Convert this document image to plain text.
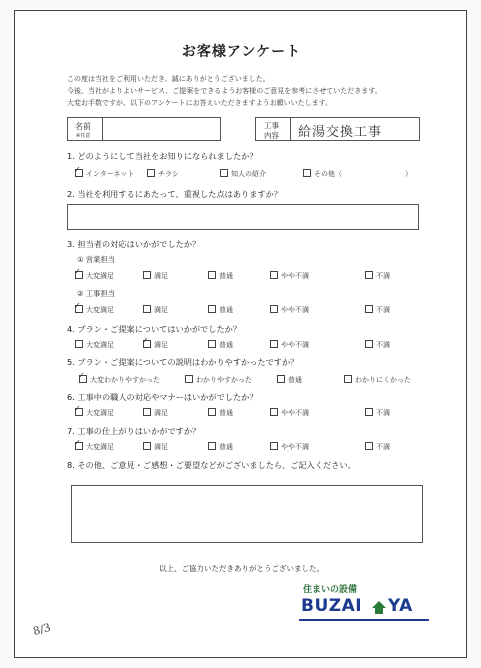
お客様アンケート
この度は当社をご利用いただき、誠にありがとうございました。
今後、当社がよりよいサービス、ご提案をできるようお客様のご意見を参考にさせていただきます。
大変お手数ですが、以下のアンケートにお答えいただきますようお願いいたします。
名前
※任意
工事
内容 給湯交換工事
1. どのようにして当社をお知りになられましたか？
インターネット
✓	チラシ	知人の紹介	その他（	）
2. 当社を利用するにあたって、重視した点はありますか？
3. 担当者の対応はいかがでしたか？
① 営業担当
② 工事担当
4. プラン・ご提案についてはいかがでしたか？
5. プラン・ご提案についての説明はわかりやすかったですか？
大変わかりやすかった
✓	わかりやすかった	普通	わかりにくかった
6. 工事中の職人の対応やマナーはいかがでしたか？
7. 工事の仕上がりはいかがですか？
8. その他、ご意見・ご感想・ご要望などがございましたら、ご記入ください。
以上、ご協力いただきありがとうございました。
住まいの設備
BUZAI YA
8/3
大変満足
✓	満足	普通	やや不満	不満
大変満足
✓	満足	普通	やや不満	不満
大変満足	満足
✓	普通	やや不満	不満
大変満足
✓	満足	普通	やや不満	不満
大変満足
✓	満足	普通	やや不満	不満
